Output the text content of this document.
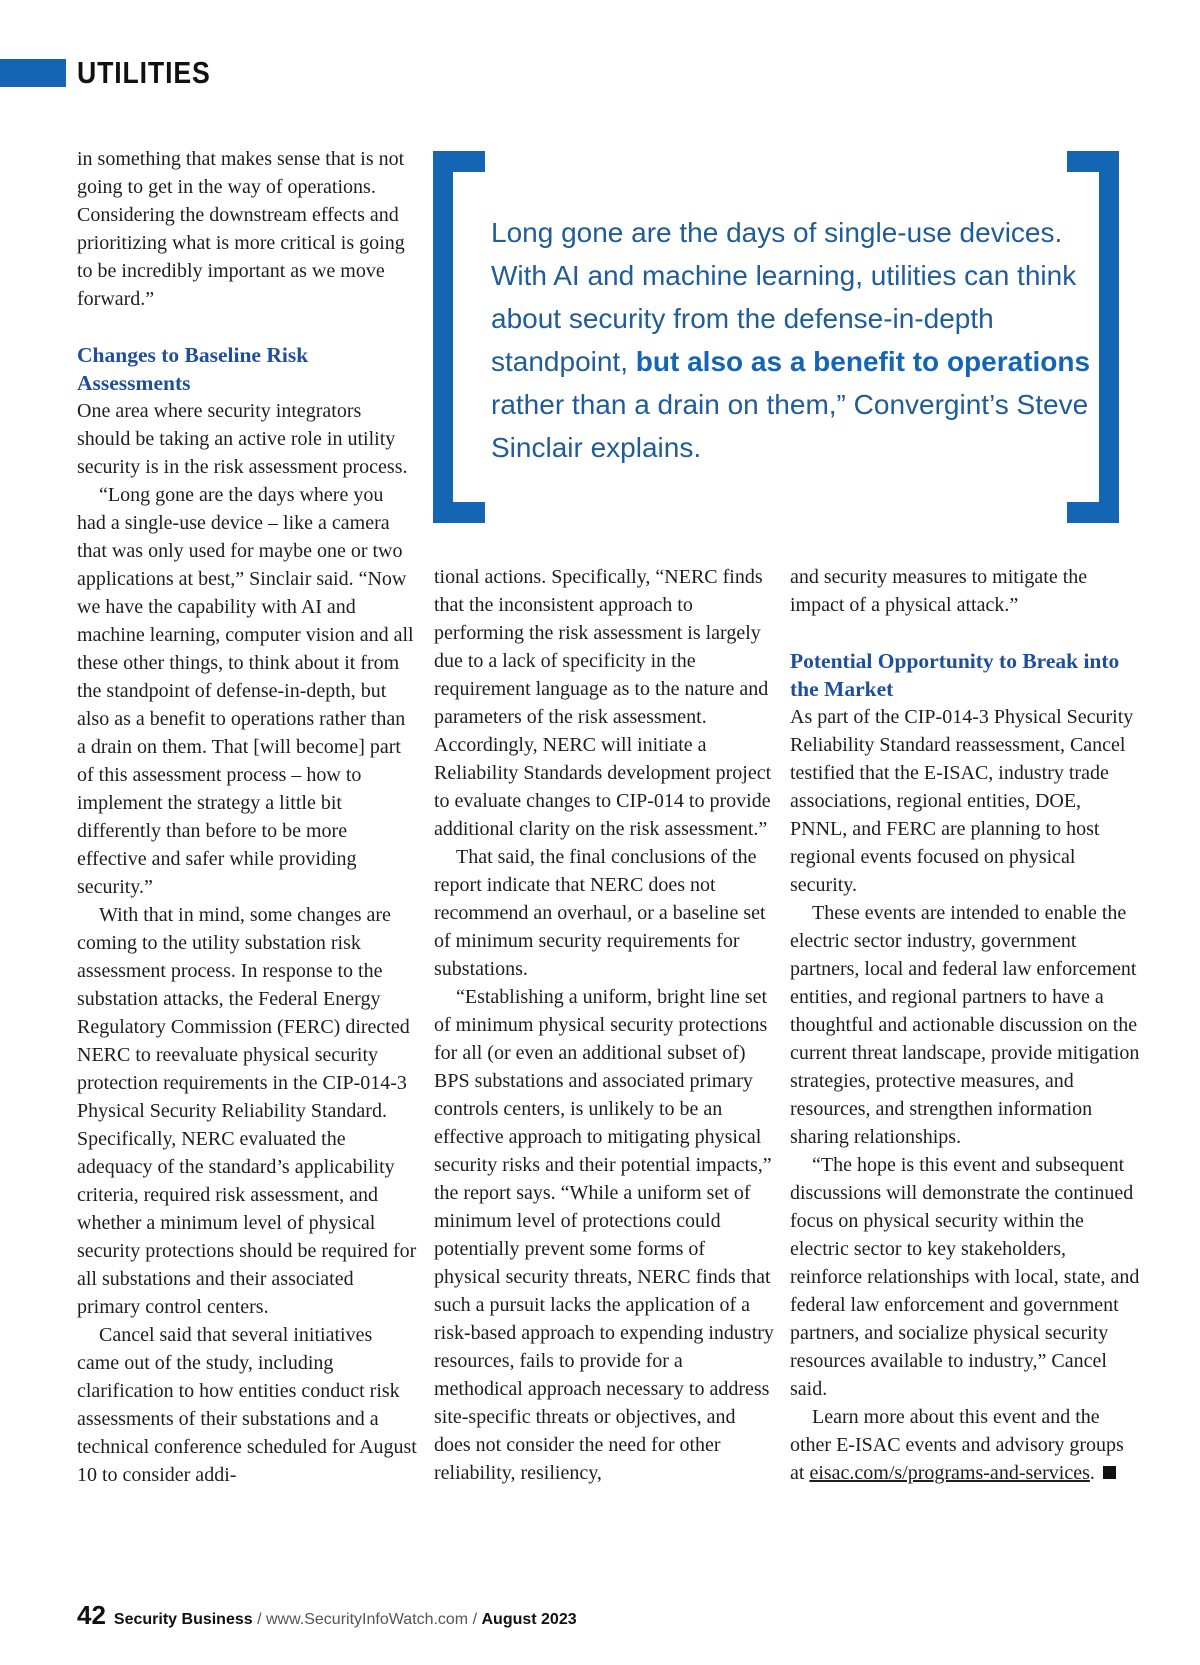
UTILITIES

in something that makes sense that is not going to get in the way of operations. Considering the downstream effects and prioritizing what is more critical is going to be incredibly important as we move forward.”

Changes to Baseline Risk Assessments

One area where security integrators should be taking an active role in utility security is in the risk assessment process.

“Long gone are the days where you had a single-use device – like a camera that was only used for maybe one or two applications at best,” Sinclair said. “Now we have the capability with AI and machine learning, computer vision and all these other things, to think about it from the standpoint of defense-in-depth, but also as a benefit to operations rather than a drain on them. That [will become] part of this assessment process – how to implement the strategy a little bit differently than before to be more effective and safer while providing security.”

With that in mind, some changes are coming to the utility substation risk assessment process. In response to the substation attacks, the Federal Energy Regulatory Commission (FERC) directed NERC to reevaluate physical security protection requirements in the CIP-014-3 Physical Security Reliability Standard. Specifically, NERC evaluated the adequacy of the standard’s applicability criteria, required risk assessment, and whether a minimum level of physical security protections should be required for all substations and their associated primary control centers.

Cancel said that several initiatives came out of the study, including clarification to how entities conduct risk assessments of their substations and a technical conference scheduled for August 10 to consider addi-

Long gone are the days of single-use devices. With AI and machine learning, utilities can think about security from the defense-in-depth standpoint, but also as a benefit to operations rather than a drain on them,” Convergint’s Steve Sinclair explains.

tional actions. Specifically, “NERC finds that the inconsistent approach to performing the risk assessment is largely due to a lack of specificity in the requirement language as to the nature and parameters of the risk assessment. Accordingly, NERC will initiate a Reliability Standards development project to evaluate changes to CIP-014 to provide additional clarity on the risk assessment.”

That said, the final conclusions of the report indicate that NERC does not recommend an overhaul, or a baseline set of minimum security requirements for substations.

“Establishing a uniform, bright line set of minimum physical security protections for all (or even an additional subset of) BPS substations and associated primary controls centers, is unlikely to be an effective approach to mitigating physical security risks and their potential impacts,” the report says. “While a uniform set of minimum level of protections could potentially prevent some forms of physical security threats, NERC finds that such a pursuit lacks the application of a risk-based approach to expending industry resources, fails to provide for a methodical approach necessary to address site-specific threats or objectives, and does not consider the need for other reliability, resiliency,

and security measures to mitigate the impact of a physical attack.”

Potential Opportunity to Break into the Market

As part of the CIP-014-3 Physical Security Reliability Standard reassessment, Cancel testified that the E-ISAC, industry trade associations, regional entities, DOE, PNNL, and FERC are planning to host regional events focused on physical security.

These events are intended to enable the electric sector industry, government partners, local and federal law enforcement entities, and regional partners to have a thoughtful and actionable discussion on the current threat landscape, provide mitigation strategies, protective measures, and resources, and strengthen information sharing relationships.

“The hope is this event and subsequent discussions will demonstrate the continued focus on physical security within the electric sector to key stakeholders, reinforce relationships with local, state, and federal law enforcement and government partners, and socialize physical security resources available to industry,” Cancel said.

Learn more about this event and the other E-ISAC events and advisory groups at eisac.com/s/programs-and-services.

42 Security Business / www.SecurityInfoWatch.com / August 2023
